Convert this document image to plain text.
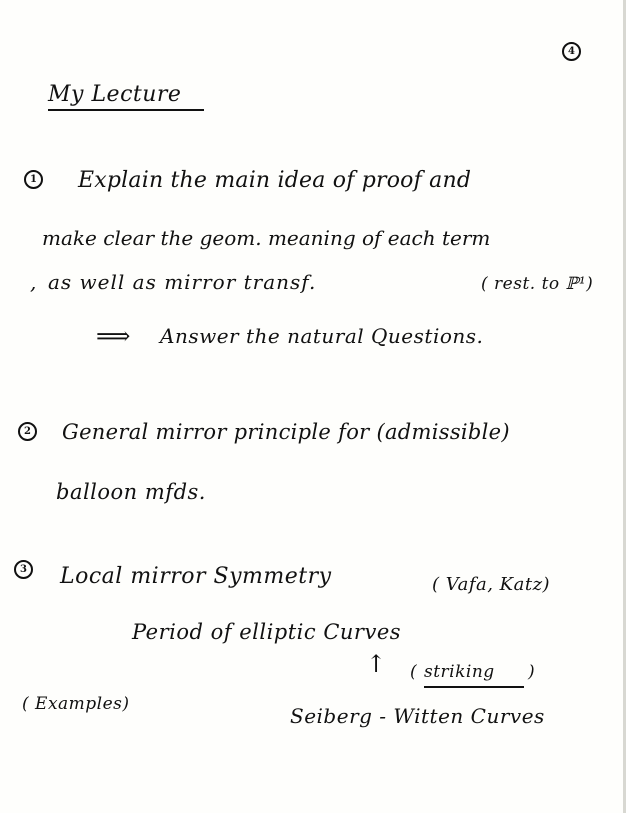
4
My Lecture
1 Explain the main idea of proof and
make clear the geom. meaning of each term
, as well as mirror transf.	( rest. to ℙ¹)
⟹ Answer the natural Questions.
2 General mirror principle for (admissible)
balloon mfds.
3 Local mirror Symmetry	( Vafa, Katz)
Period of elliptic Curves
↑ ( striking )
( Examples)	Seiberg - Witten Curves
